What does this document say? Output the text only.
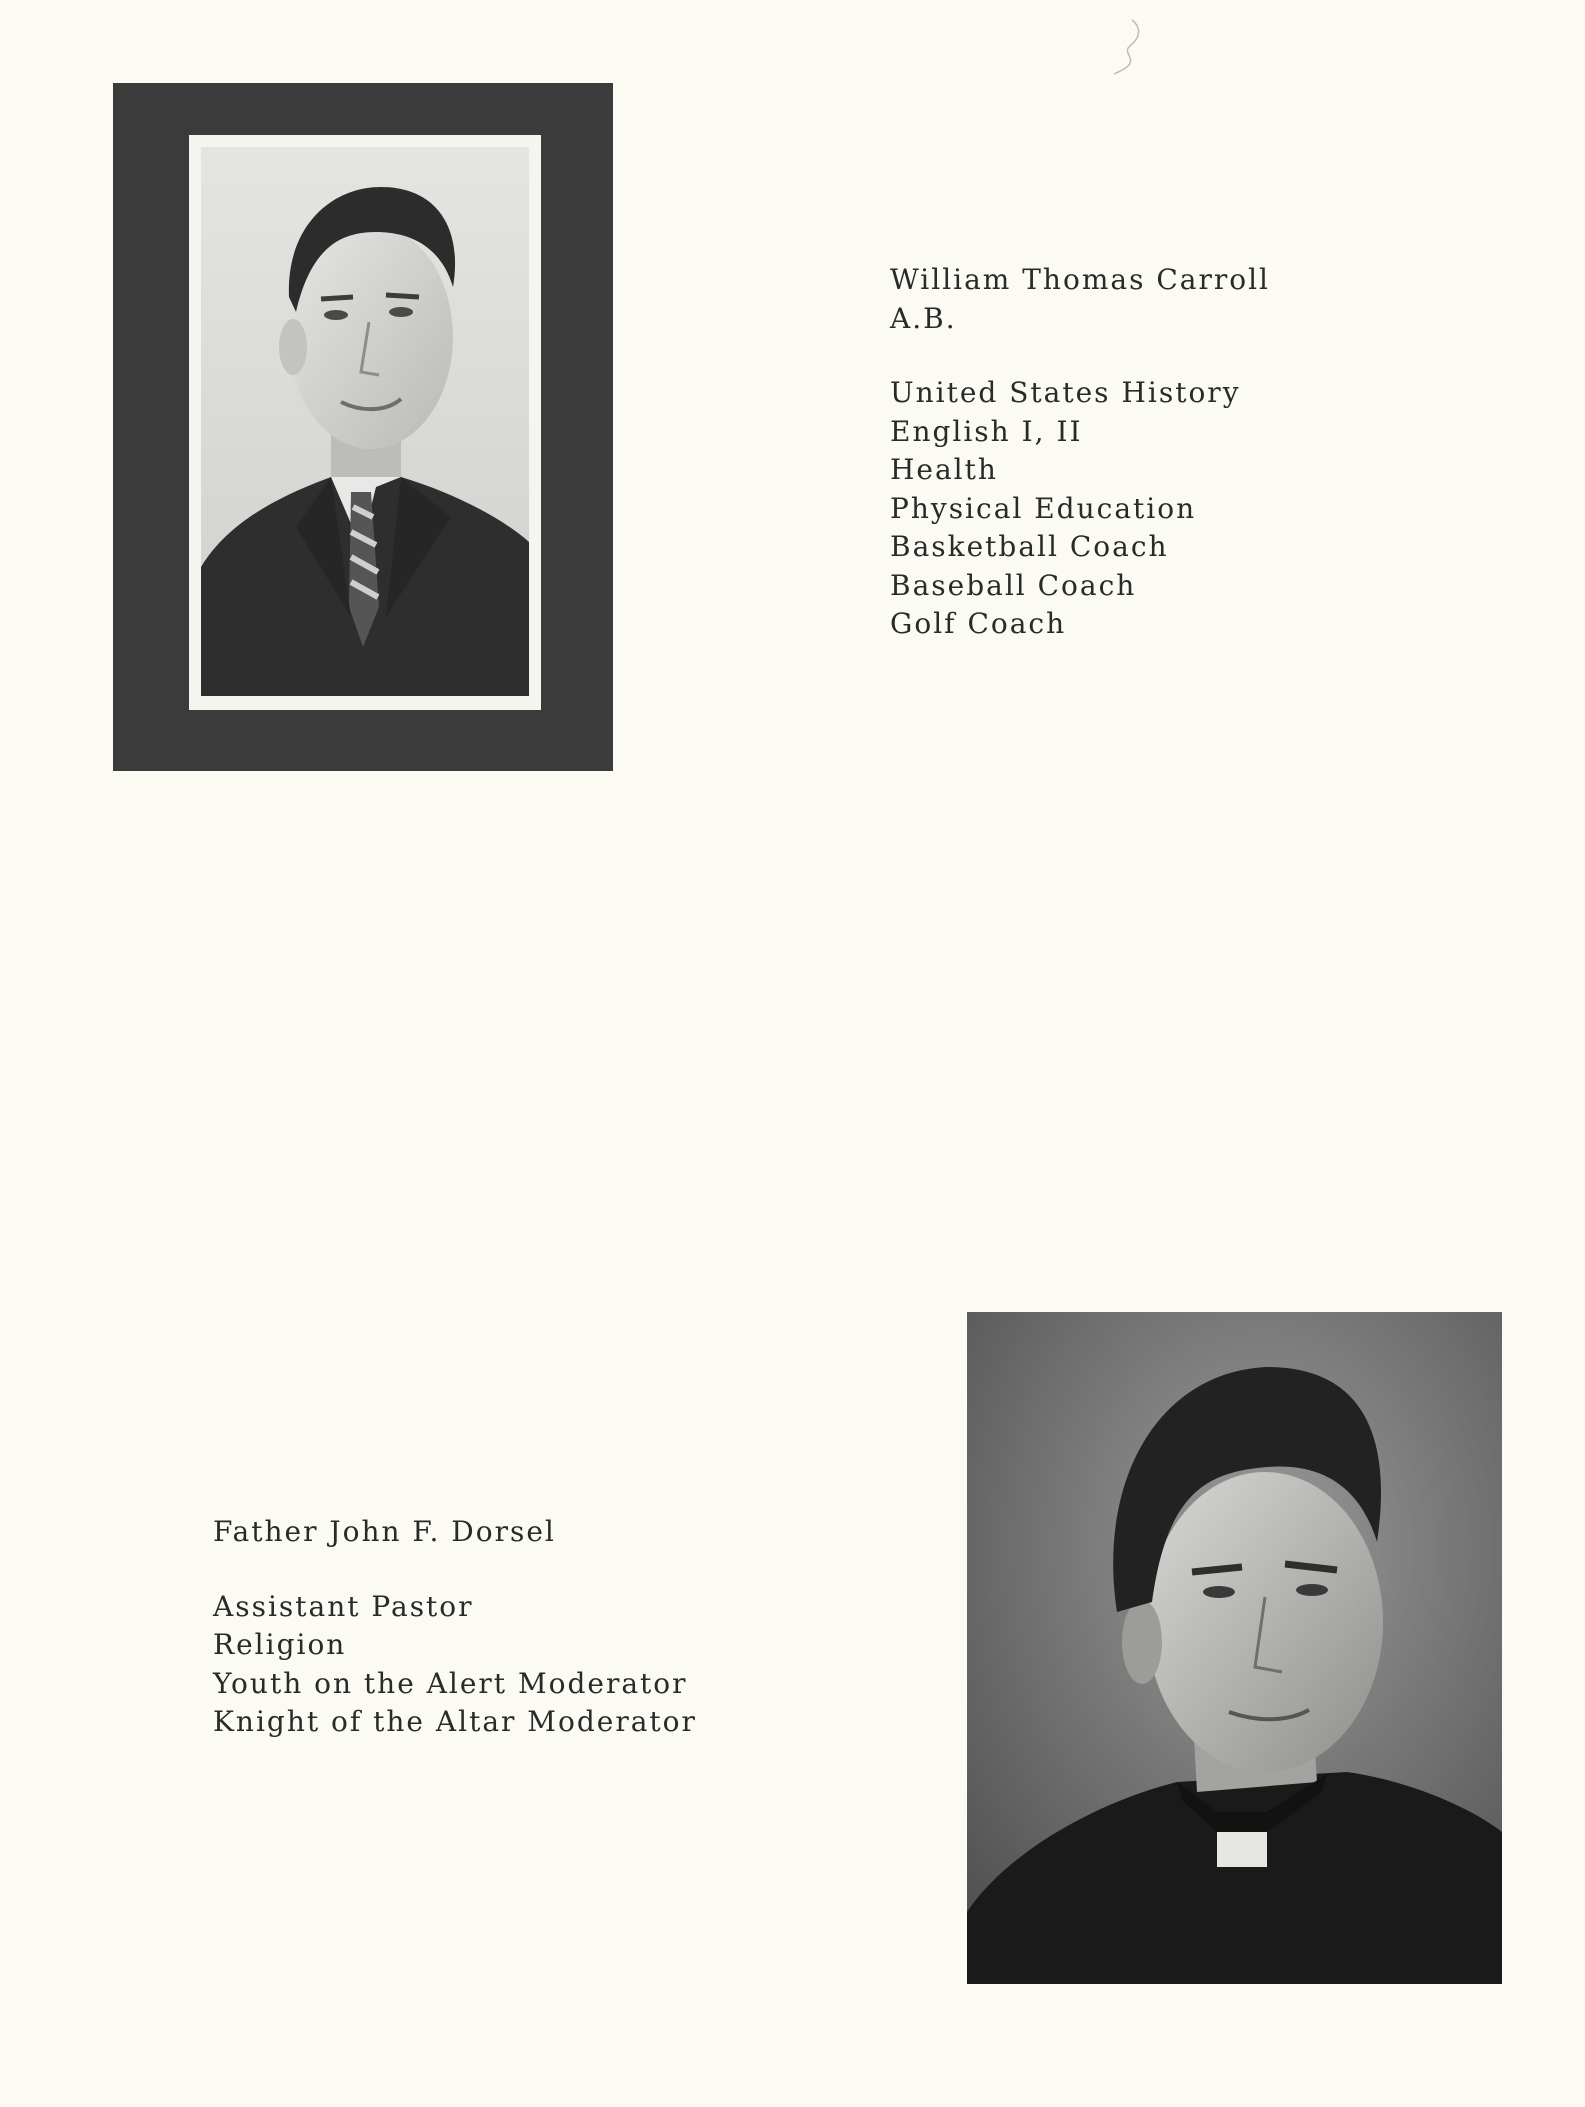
William Thomas Carroll
A.B.
United States History
English I, II
Health
Physical Education
Basketball Coach
Baseball Coach
Golf Coach
Father John F. Dorsel
Assistant Pastor
Religion
Youth on the Alert Moderator
Knight of the Altar Moderator
